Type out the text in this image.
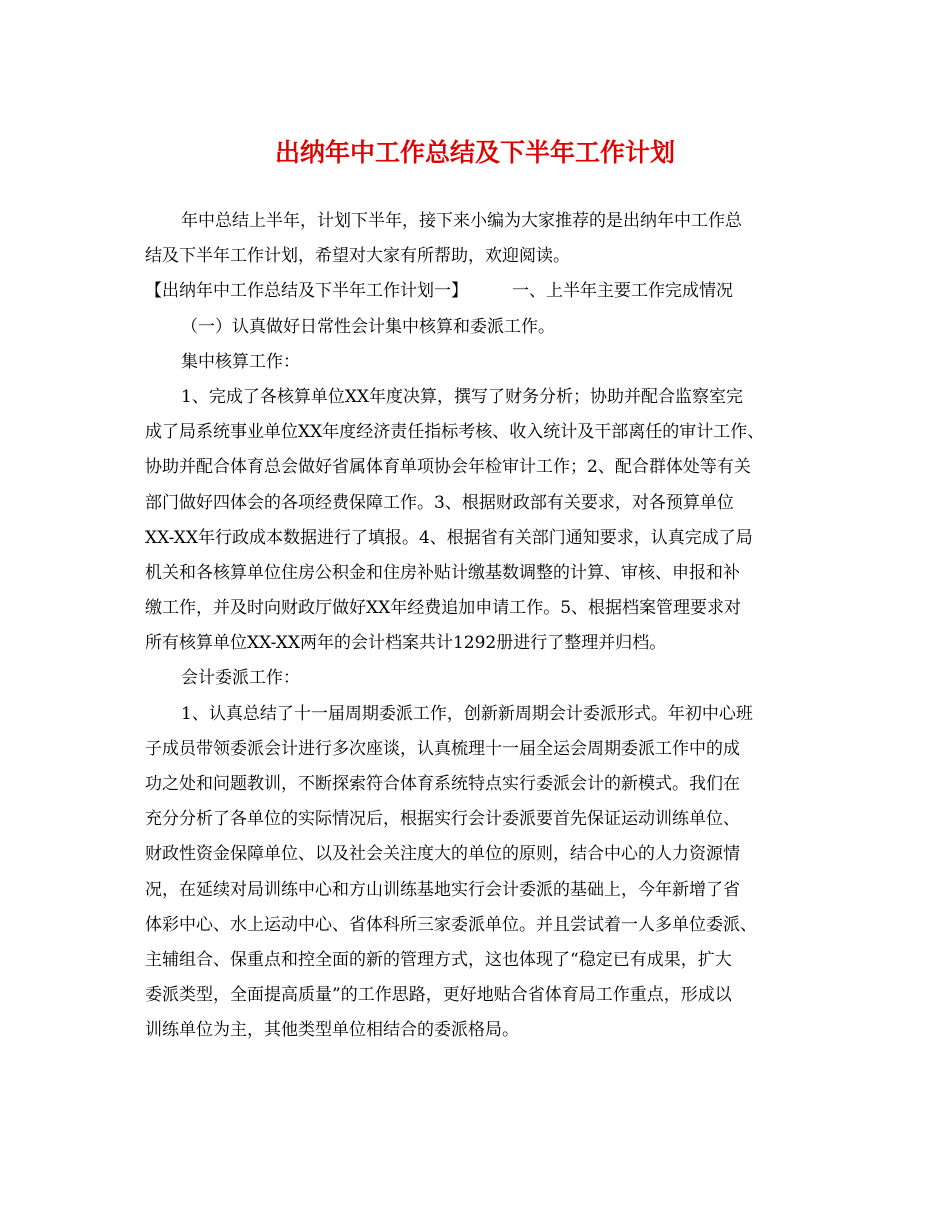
出纳年中工作总结及下半年工作计划
年中总结上半年，计划下半年，接下来小编为大家推荐的是出纳年中工作总
结及下半年工作计划，希望对大家有所帮助，欢迎阅读。
【出纳年中工作总结及下半年工作计划一】	一、上半年主要工作完成情况
（一）认真做好日常性会计集中核算和委派工作。
集中核算工作：
1、完成了各核算单位XX年度决算，撰写了财务分析；协助并配合监察室完
成了局系统事业单位XX年度经济责任指标考核、收入统计及干部离任的审计工作、
协助并配合体育总会做好省属体育单项协会年检审计工作；2、配合群体处等有关
部门做好四体会的各项经费保障工作。3、根据财政部有关要求，对各预算单位
XX-XX年行政成本数据进行了填报。4、根据省有关部门通知要求，认真完成了局
机关和各核算单位住房公积金和住房补贴计缴基数调整的计算、审核、申报和补
缴工作，并及时向财政厅做好XX年经费追加申请工作。5、根据档案管理要求对
所有核算单位XX-XX两年的会计档案共计1292册进行了整理并归档。
会计委派工作：
1、认真总结了十一届周期委派工作，创新新周期会计委派形式。年初中心班
子成员带领委派会计进行多次座谈，认真梳理十一届全运会周期委派工作中的成
功之处和问题教训，不断探索符合体育系统特点实行委派会计的新模式。我们在
充分分析了各单位的实际情况后，根据实行会计委派要首先保证运动训练单位、
财政性资金保障单位、以及社会关注度大的单位的原则，结合中心的人力资源情
况，在延续对局训练中心和方山训练基地实行会计委派的基础上，今年新增了省
体彩中心、水上运动中心、省体科所三家委派单位。并且尝试着一人多单位委派、
主辅组合、保重点和控全面的新的管理方式，这也体现了“稳定已有成果，扩大
委派类型，全面提高质量”的工作思路，更好地贴合省体育局工作重点，形成以
训练单位为主，其他类型单位相结合的委派格局。
